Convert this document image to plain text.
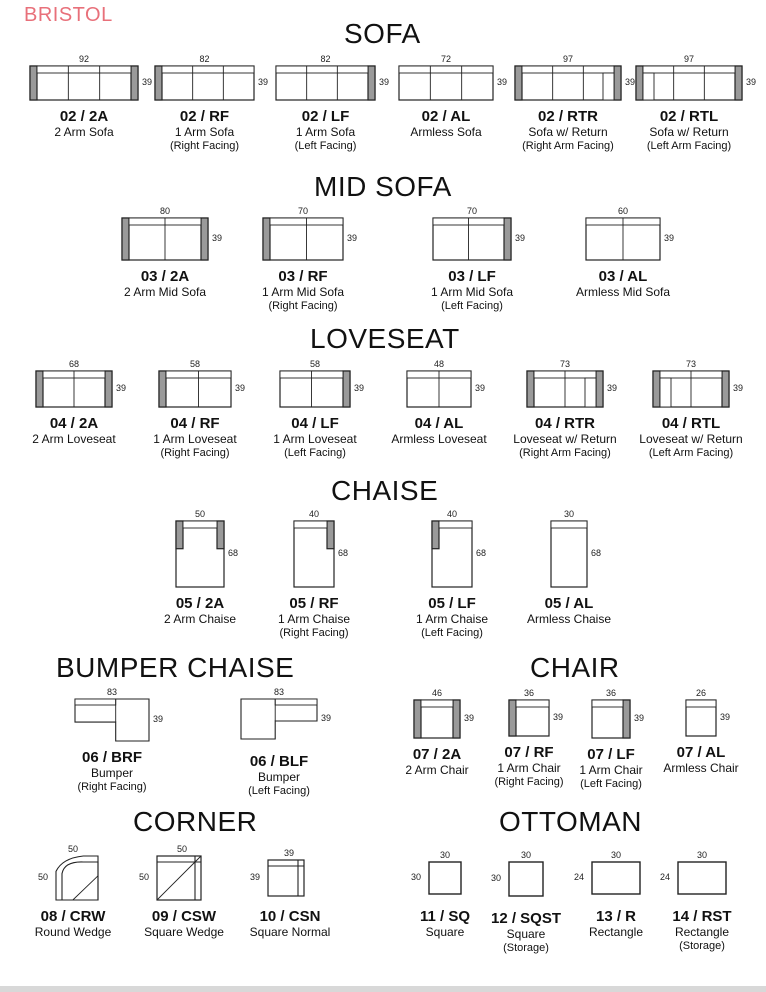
BRISTOL
SOFA
MID SOFA
LOVESEAT
CHAISE
BUMPER CHAISE	CHAIR
CORNER	OTTOMAN
92
39
02 / 2A
2 Arm Sofa
82
39
02 / RF
1 Arm Sofa
(Right Facing)
82
39
02 / LF
1 Arm Sofa
(Left Facing)
72
39
02 / AL
Armless Sofa
97
39
02 / RTR
Sofa w/ Return
(Right Arm Facing)
97
39
02 / RTL
Sofa w/ Return
(Left Arm Facing)
80
39
03 / 2A
2 Arm Mid Sofa
70
39
03 / RF
1 Arm Mid Sofa
(Right Facing)
70
39
03 / LF
1 Arm Mid Sofa
(Left Facing)
60
39
03 / AL
Armless Mid Sofa
68
39
04 / 2A
2 Arm Loveseat
58
39
04 / RF
1 Arm Loveseat
(Right Facing)
58
39
04 / LF
1 Arm Loveseat
(Left Facing)
48
39
04 / AL
Armless Loveseat
73
39
04 / RTR
Loveseat w/ Return
(Right Arm Facing)
73
39
04 / RTL
Loveseat w/ Return
(Left Arm Facing)
50
68
05 / 2A
2 Arm Chaise
40
68
05 / RF
1 Arm Chaise
(Right Facing)
40
68
05 / LF
1 Arm Chaise
(Left Facing)
30
68
05 / AL
Armless Chaise
83
39
06 / BRF
Bumper
(Right Facing)
83
39
06 / BLF
Bumper
(Left Facing)
46
39
07 / 2A
2 Arm Chair
36
39
07 / RF
1 Arm Chair
(Right Facing)
36
39
07 / LF
1 Arm Chair
(Left Facing)
26
39
07 / AL
Armless Chair
50
50
08 / CRW
Round Wedge
50
50
09 / CSW
Square Wedge
39
39
10 / CSN
Square Normal
30
30
11 / SQ
Square
30
30
12 / SQST
Square
(Storage)
30
24
13 / R
Rectangle
30
24
14 / RST
Rectangle
(Storage)
